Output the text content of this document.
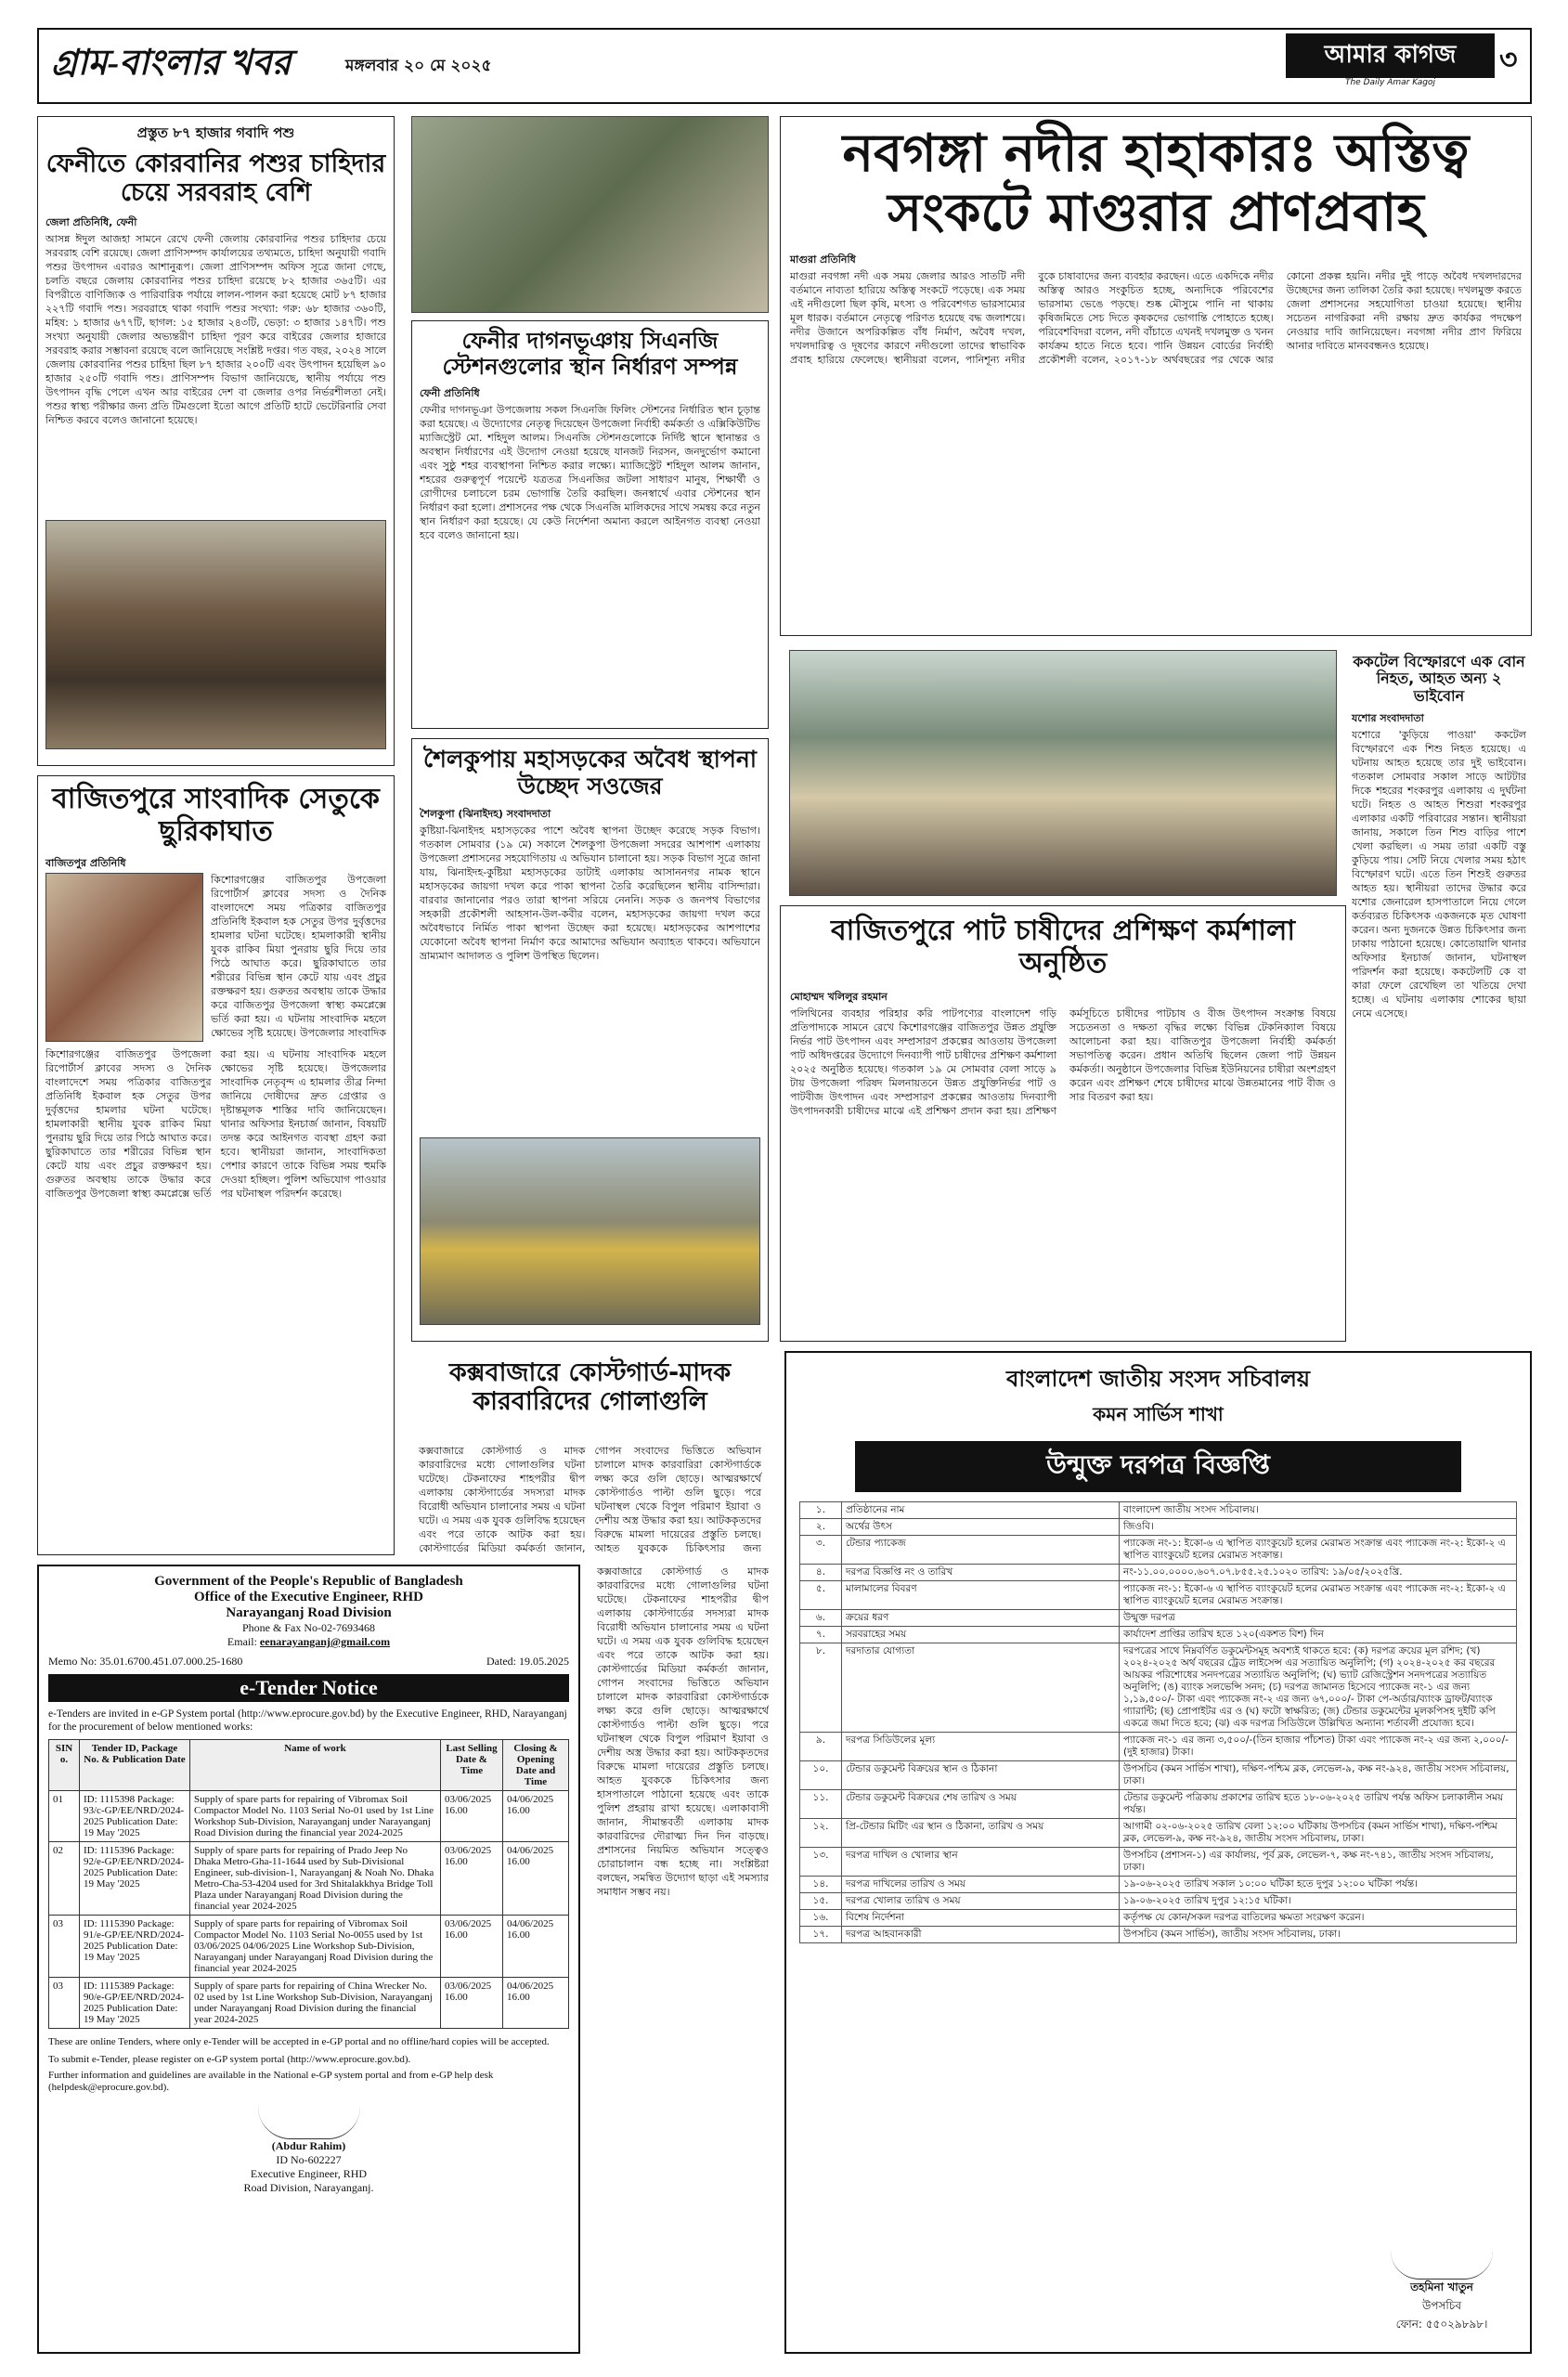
গ্রাম-বাংলার খবর	মঙ্গলবার ২০ মে ২০২৫	আমার কাগজ
The Daily Amar Kagoj
৩
প্রস্তুত ৮৭ হাজার গবাদি পশু
ফেনীতে কোরবানির পশুর চাহিদার চেয়ে সরবরাহ বেশি
জেলা প্রতিনিধি, ফেনী
আসন্ন ঈদুল আজহা সামনে রেখে ফেনী জেলায় কোরবানির পশুর চাহিদার চেয়ে সরবরাহ বেশি রয়েছে। জেলা প্রাণিসম্পদ কার্যালয়ের তথ্যমতে, চাহিদা অনুযায়ী গবাদি পশুর উৎপাদন এবারও আশানুরূপ। জেলা প্রাণিসম্পদ অফিস সূত্রে জানা গেছে, চলতি বছরে জেলায় কোরবানির পশুর চাহিদা রয়েছে ৮২ হাজার ৩৬৫টি। এর বিপরীতে বাণিজ্যিক ও পারিবারিক পর্যায়ে লালন-পালন করা হয়েছে মোট ৮৭ হাজার ২২৭টি গবাদি পশু। সরবরাহে থাকা গবাদি পশুর সংখ্যা: গরু: ৬৮ হাজার ৩৬০টি, মহিষ: ১ হাজার ৬৭৭টি, ছাগল: ১৫ হাজার ২৪৩টি, ভেড়া: ৩ হাজার ১৪৭টি। পশু সংখ্যা অনুযায়ী জেলার অভ্যন্তরীণ চাহিদা পূরণ করে বাইরের জেলার হাজারে সরবরাহ করার সম্ভাবনা রয়েছে বলে জানিয়েছে সংশ্লিষ্ট দপ্তর। গত বছর, ২০২৪ সালে জেলায় কোরবানির পশুর চাহিদা ছিল ৮৭ হাজার ২০০টি এবং উৎপাদন হয়েছিল ৯০ হাজার ২৫০টি গবাদি পশু। প্রাণিসম্পদ বিভাগ জানিয়েছে, স্থানীয় পর্যায়ে পশু উৎপাদন বৃদ্ধি পেলে এখন আর বাইরের দেশ বা জেলার ওপর নির্ভরশীলতা নেই। পশুর স্বাস্থ্য পরীক্ষার জন্য প্রতি টিমগুলো ইতো আগে প্রতিটি হাটে ভেটেরিনারি সেবা নিশ্চিত করবে বলেও জানানো হয়েছে।
বাজিতপুরে সাংবাদিক সেতুকে ছুরিকাঘাত
বাজিতপুর প্রতিনিধি
কিশোরগঞ্জের বাজিতপুর উপজেলা রিপোর্টার্স ক্লাবের সদস্য ও দৈনিক বাংলাদেশে সময় পত্রিকার বাজিতপুর প্রতিনিধি ইকবাল হক সেতুর উপর দুর্বৃত্তদের হামলার ঘটনা ঘটেছে। হামলাকারী স্থানীয় যুবক রাকিব মিয়া পুনরায় ছুরি দিয়ে তার পিঠে আঘাত করে। ছুরিকাঘাতে তার শরীরের বিভিন্ন স্থান কেটে যায় এবং প্রচুর রক্তক্ষরণ হয়। গুরুতর অবস্থায় তাকে উদ্ধার করে বাজিতপুর উপজেলা স্বাস্থ্য কমপ্লেক্সে ভর্তি করা হয়। এ ঘটনায় সাংবাদিক মহলে ক্ষোভের সৃষ্টি হয়েছে। উপজেলার সাংবাদিক
কিশোরগঞ্জের বাজিতপুর উপজেলা রিপোর্টার্স ক্লাবের সদস্য ও দৈনিক বাংলাদেশে সময় পত্রিকার বাজিতপুর প্রতিনিধি ইকবাল হক সেতুর উপর দুর্বৃত্তদের হামলার ঘটনা ঘটেছে। হামলাকারী স্থানীয় যুবক রাকিব মিয়া পুনরায় ছুরি দিয়ে তার পিঠে আঘাত করে। ছুরিকাঘাতে তার শরীরের বিভিন্ন স্থান কেটে যায় এবং প্রচুর রক্তক্ষরণ হয়। গুরুতর অবস্থায় তাকে উদ্ধার করে বাজিতপুর উপজেলা স্বাস্থ্য কমপ্লেক্সে ভর্তি করা হয়। এ ঘটনায় সাংবাদিক মহলে ক্ষোভের সৃষ্টি হয়েছে। উপজেলার সাংবাদিক নেতৃবৃন্দ এ হামলার তীব্র নিন্দা জানিয়ে দোষীদের দ্রুত গ্রেপ্তার ও দৃষ্টান্তমূলক শাস্তির দাবি জানিয়েছেন। থানার অফিসার ইনচার্জ জানান, বিষয়টি তদন্ত করে আইনগত ব্যবস্থা গ্রহণ করা হবে। স্থানীয়রা জানান, সাংবাদিকতা পেশার কারণে তাকে বিভিন্ন সময় হুমকি দেওয়া হচ্ছিল। পুলিশ অভিযোগ পাওয়ার পর ঘটনাস্থল পরিদর্শন করেছে।
ফেনীর দাগনভূঞায় সিএনজি স্টেশনগুলোর স্থান নির্ধারণ সম্পন্ন
ফেনী প্রতিনিধি
ফেনীর দাগনভূঞা উপজেলায় সকল সিএনজি ফিলিং স্টেশনের নির্ধারিত স্থান চূড়ান্ত করা হয়েছে। এ উদ্যোগের নেতৃত্ব দিয়েছেন উপজেলা নির্বাহী কর্মকর্তা ও এক্সিকিউটিভ ম্যাজিস্ট্রেট মো. শহিদুল আলম। সিএনজি স্টেশনগুলোকে নির্দিষ্ট স্থানে স্থানান্তর ও অবস্থান নির্ধারণের এই উদ্যোগ নেওয়া হয়েছে যানজট নিরসন, জনদুর্ভোগ কমানো এবং সুষ্ঠু শহর ব্যবস্থাপনা নিশ্চিত করার লক্ষ্যে। ম্যাজিস্ট্রেট শহিদুল আলম জানান, শহরের গুরুত্বপূর্ণ পয়েন্টে যত্রতত্র সিএনজির জটলা সাধারণ মানুষ, শিক্ষার্থী ও রোগীদের চলাচলে চরম ভোগান্তি তৈরি করছিল। জনস্বার্থে এবার স্টেশনের স্থান নির্ধারণ করা হলো। প্রশাসনের পক্ষ থেকে সিএনজি মালিকদের সাথে সমন্বয় করে নতুন স্থান নির্ধারণ করা হয়েছে। যে কেউ নির্দেশনা অমান্য করলে আইনগত ব্যবস্থা নেওয়া হবে বলেও জানানো হয়।
শৈলকুপায় মহাসড়কের অবৈধ স্থাপনা উচ্ছেদ সওজের
শৈলকুপা (ঝিনাইদহ) সংবাদদাতা
কুষ্টিয়া-ঝিনাইদহ মহাসড়কের পাশে অবৈধ স্থাপনা উচ্ছেদ করেছে সড়ক বিভাগ। গতকাল সোমবার (১৯ মে) সকালে শৈলকুপা উপজেলা সদরের আশপাশ এলাকায় উপজেলা প্রশাসনের সহযোগিতায় এ অভিযান চালানো হয়। সড়ক বিভাগ সূত্রে জানা যায়, ঝিনাইদহ-কুষ্টিয়া মহাসড়কের ডাটাই এলাকায় আসাননগর নামক স্থানে মহাসড়কের জায়গা দখল করে পাকা স্থাপনা তৈরি করেছিলেন স্থানীয় বাসিন্দারা। বারবার জানানোর পরও তারা স্থাপনা সরিয়ে নেননি। সড়ক ও জনপথ বিভাগের সহকারী প্রকৌশলী আহসান-উল-কবীর বলেন, মহাসড়কের জায়গা দখল করে অবৈধভাবে নির্মিত পাকা স্থাপনা উচ্ছেদ করা হয়েছে। মহাসড়কের আশপাশের যেকোনো অবৈধ স্থাপনা নির্মাণ করে আমাদের অভিযান অব্যাহত থাকবে। অভিযানে ভ্রাম্যমাণ আদালত ও পুলিশ উপস্থিত ছিলেন।
কক্সবাজারে কোস্টগার্ড-মাদক কারবারিদের গোলাগুলি
কক্সবাজারে কোস্টগার্ড ও মাদক কারবারিদের মধ্যে গোলাগুলির ঘটনা ঘটেছে। টেকনাফের শাহপরীর দ্বীপ এলাকায় কোস্টগার্ডের সদস্যরা মাদক বিরোধী অভিযান চালানোর সময় এ ঘটনা ঘটে। এ সময় এক যুবক গুলিবিদ্ধ হয়েছেন এবং পরে তাকে আটক করা হয়। কোস্টগার্ডের মিডিয়া কর্মকর্তা জানান, গোপন সংবাদের ভিত্তিতে অভিযান চালালে মাদক কারবারিরা কোস্টগার্ডকে লক্ষ্য করে গুলি ছোড়ে। আত্মরক্ষার্থে কোস্টগার্ডও পাল্টা গুলি ছুড়ে। পরে ঘটনাস্থল থেকে বিপুল পরিমাণ ইয়াবা ও দেশীয় অস্ত্র উদ্ধার করা হয়। আটককৃতদের বিরুদ্ধে মামলা দায়েরের প্রস্তুতি চলছে। আহত যুবককে চিকিৎসার জন্য
কক্সবাজারে কোস্টগার্ড ও মাদক কারবারিদের মধ্যে গোলাগুলির ঘটনা ঘটেছে। টেকনাফের শাহপরীর দ্বীপ এলাকায় কোস্টগার্ডের সদস্যরা মাদক বিরোধী অভিযান চালানোর সময় এ ঘটনা ঘটে। এ সময় এক যুবক গুলিবিদ্ধ হয়েছেন এবং পরে তাকে আটক করা হয়। কোস্টগার্ডের মিডিয়া কর্মকর্তা জানান, গোপন সংবাদের ভিত্তিতে অভিযান চালালে মাদক কারবারিরা কোস্টগার্ডকে লক্ষ্য করে গুলি ছোড়ে। আত্মরক্ষার্থে কোস্টগার্ডও পাল্টা গুলি ছুড়ে। পরে ঘটনাস্থল থেকে বিপুল পরিমাণ ইয়াবা ও দেশীয় অস্ত্র উদ্ধার করা হয়। আটককৃতদের বিরুদ্ধে মামলা দায়েরের প্রস্তুতি চলছে। আহত যুবককে চিকিৎসার জন্য হাসপাতালে পাঠানো হয়েছে এবং তাকে পুলিশ প্রহরায় রাখা হয়েছে। এলাকাবাসী জানান, সীমান্তবর্তী এলাকায় মাদক কারবারিদের দৌরাত্ম্য দিন দিন বাড়ছে। প্রশাসনের নিয়মিত অভিযান সত্ত্বেও চোরাচালান বন্ধ হচ্ছে না। সংশ্লিষ্টরা বলছেন, সমন্বিত উদ্যোগ ছাড়া এই সমস্যার সমাধান সম্ভব নয়।
নবগঙ্গা নদীর হাহাকারঃ অস্তিত্ব সংকটে মাগুরার প্রাণপ্রবাহ
মাগুরা প্রতিনিধি
মাগুরা নবগঙ্গা নদী এক সময় জেলার আরও সাতটি নদী বর্তমানে নাব্যতা হারিয়ে অস্তিত্ব সংকটে পড়েছে। এক সময় এই নদীগুলো ছিল কৃষি, মৎস্য ও পরিবেশগত ভারসাম্যের মূল ধারক। বর্তমানে নেতৃত্বে পরিণত হয়েছে বদ্ধ জলাশয়ে। নদীর উজানে অপরিকল্পিত বাঁধ নির্মাণ, অবৈধ দখল, দখলদারিত্ব ও দূষণের কারণে নদীগুলো তাদের স্বাভাবিক প্রবাহ হারিয়ে ফেলেছে। স্থানীয়রা বলেন, পানিশূন্য নদীর বুকে চাষাবাদের জন্য ব্যবহার করছেন। এতে একদিকে নদীর অস্তিত্ব আরও সংকুচিত হচ্ছে, অন্যদিকে পরিবেশের ভারসাম্য ভেঙে পড়ছে। শুষ্ক মৌসুমে পানি না থাকায় কৃষিজমিতে সেচ দিতে কৃষকদের ভোগান্তি পোহাতে হচ্ছে। পরিবেশবিদরা বলেন, নদী বাঁচাতে এখনই দখলমুক্ত ও খনন কার্যক্রম হাতে নিতে হবে। পানি উন্নয়ন বোর্ডের নির্বাহী প্রকৌশলী বলেন, ২০১৭-১৮ অর্থবছরের পর থেকে আর কোনো প্রকল্প হয়নি। নদীর দুই পাড়ে অবৈধ দখলদারদের উচ্ছেদের জন্য তালিকা তৈরি করা হয়েছে। দখলমুক্ত করতে জেলা প্রশাসনের সহযোগিতা চাওয়া হয়েছে। স্থানীয় সচেতন নাগরিকরা নদী রক্ষায় দ্রুত কার্যকর পদক্ষেপ নেওয়ার দাবি জানিয়েছেন। নবগঙ্গা নদীর প্রাণ ফিরিয়ে আনার দাবিতে মানববন্ধনও হয়েছে।
ককটেল বিস্ফোরণে এক বোন নিহত, আহত অন্য ২ ভাইবোন
যশোর সংবাদদাতা
যশোরে 'কুড়িয়ে পাওয়া' ককটেল বিস্ফোরণে এক শিশু নিহত হয়েছে। এ ঘটনায় আহত হয়েছে তার দুই ভাইবোন। গতকাল সোমবার সকাল সাড়ে আটটার দিকে শহরের শংকরপুর এলাকায় এ দুর্ঘটনা ঘটে। নিহত ও আহত শিশুরা শংকরপুর এলাকার একটি পরিবারের সন্তান। স্থানীয়রা জানায়, সকালে তিন শিশু বাড়ির পাশে খেলা করছিল। এ সময় তারা একটি বস্তু কুড়িয়ে পায়। সেটি নিয়ে খেলার সময় হঠাৎ বিস্ফোরণ ঘটে। এতে তিন শিশুই গুরুতর আহত হয়। স্থানীয়রা তাদের উদ্ধার করে যশোর জেনারেল হাসপাতালে নিয়ে গেলে কর্তব্যরত চিকিৎসক একজনকে মৃত ঘোষণা করেন। অন্য দুজনকে উন্নত চিকিৎসার জন্য ঢাকায় পাঠানো হয়েছে। কোতোয়ালি থানার অফিসার ইনচার্জ জানান, ঘটনাস্থল পরিদর্শন করা হয়েছে। ককটেলটি কে বা কারা ফেলে রেখেছিল তা খতিয়ে দেখা হচ্ছে। এ ঘটনায় এলাকায় শোকের ছায়া নেমে এসেছে।
বাজিতপুরে পাট চাষীদের প্রশিক্ষণ কর্মশালা অনুষ্ঠিত
মোহাম্মদ খলিলুর রহমান
পলিথিনের ব্যবহার পরিহার করি পাটপণ্যের বাংলাদেশ গড়ি প্রতিপাদ্যকে সামনে রেখে কিশোরগঞ্জের বাজিতপুর উন্নত প্রযুক্তি নির্ভর পাট উৎপাদন এবং সম্প্রসারণ প্রকল্পের আওতায় উপজেলা পাট অধিদপ্তরের উদ্যোগে দিনব্যাপী পাট চাষীদের প্রশিক্ষণ কর্মশালা ২০২৫ অনুষ্ঠিত হয়েছে। গতকাল ১৯ মে সোমবার বেলা সাড়ে ৯ টায় উপজেলা পরিষদ মিলনায়তনে উন্নত প্রযুক্তিনির্ভর পাট ও পাটবীজ উৎপাদন এবং সম্প্রসারণ প্রকল্পের আওতায় দিনব্যাপী উৎপাদনকারী চাষীদের মাঝে এই প্রশিক্ষণ প্রদান করা হয়। প্রশিক্ষণ কর্মসূচিতে চাষীদের পাটচাষ ও বীজ উৎপাদন সংক্রান্ত বিষয়ে সচেতনতা ও দক্ষতা বৃদ্ধির লক্ষ্যে বিভিন্ন টেকনিক্যাল বিষয়ে আলোচনা করা হয়। বাজিতপুর উপজেলা নির্বাহী কর্মকর্তা সভাপতিত্ব করেন। প্রধান অতিথি ছিলেন জেলা পাট উন্নয়ন কর্মকর্তা। অনুষ্ঠানে উপজেলার বিভিন্ন ইউনিয়নের চাষীরা অংশগ্রহণ করেন এবং প্রশিক্ষণ শেষে চাষীদের মাঝে উন্নতমানের পাট বীজ ও সার বিতরণ করা হয়।
Government of the People's Republic of Bangladesh
Office of the Executive Engineer, RHD
Narayanganj Road Division
Phone & Fax No-02-7693468
Email: eenarayanganj@gmail.com
Memo No: 35.01.6700.451.07.000.25-1680	Dated: 19.05.2025
e-Tender Notice
e-Tenders are invited in e-GP System portal (http://www.eprocure.gov.bd) by the Executive Engineer, RHD, Narayanganj for the procurement of below mentioned works:
SIN o.	Tender ID, Package No. & Publication Date	Name of work	Last Selling Date & Time	Closing & Opening Date and Time
01	ID: 1115398 Package: 93/c-GP/EE/NRD/2024-2025 Publication Date: 19 May '2025	Supply of spare parts for repairing of Vibromax Soil Compactor Model No. 1103 Serial No-01 used by 1st Line Workshop Sub-Division, Narayanganj under Narayanganj Road Division during the financial year 2024-2025	03/06/2025 16.00	04/06/2025 16.00
02	ID: 1115396 Package: 92/e-GP/EE/NRD/2024-2025 Publication Date: 19 May '2025	Supply of spare parts for repairing of Prado Jeep No Dhaka Metro-Gha-11-1644 used by Sub-Divisional Engineer, sub-division-1, Narayanganj & Noah No. Dhaka Metro-Cha-53-4204 used for 3rd Shitalakkhya Bridge Toll Plaza under Narayanganj Road Division during the financial year 2024-2025	03/06/2025 16.00	04/06/2025 16.00
03	ID: 1115390 Package: 91/e-GP/EE/NRD/2024-2025 Publication Date: 19 May '2025	Supply of spare parts for repairing of Vibromax Soil Compactor Model No. 1103 Serial No-0055 used by 1st 03/06/2025 04/06/2025 Line Workshop Sub-Division, Narayanganj under Narayanganj Road Division during the financial year 2024-2025	03/06/2025 16.00	04/06/2025 16.00
03	ID: 1115389 Package: 90/e-GP/EE/NRD/2024-2025 Publication Date: 19 May '2025	Supply of spare parts for repairing of China Wrecker No. 02 used by 1st Line Workshop Sub-Division, Narayanganj under Narayanganj Road Division during the financial year 2024-2025	03/06/2025 16.00	04/06/2025 16.00
These are online Tenders, where only e-Tender will be accepted in e-GP portal and no offline/hard copies will be accepted.
To submit e-Tender, please register on e-GP system portal (http://www.eprocure.gov.bd).
Further information and guidelines are available in the National e-GP system portal and from e-GP help desk (helpdesk@eprocure.gov.bd).
(Abdur Rahim)
ID No-602227
Executive Engineer, RHD
Road Division, Narayanganj.
বাংলাদেশ জাতীয় সংসদ সচিবালয়
কমন সার্ভিস শাখা
উন্মুক্ত দরপত্র বিজ্ঞপ্তি
১.	প্রতিষ্ঠানের নাম	বাংলাদেশ জাতীয় সংসদ সচিবালয়।
২.	অর্থের উৎস	জিওবি।
৩.	টেন্ডার প্যাকেজ	প্যাকেজ নং-১: ইকো-৬ এ স্থাপিত ব্যাংকুয়েট হলের মেরামত সংক্রান্ত এবং প্যাকেজ নং-২: ইকো-২ এ স্থাপিত ব্যাংকুয়েট হলের মেরামত সংক্রান্ত।
৪.	দরপত্র বিজ্ঞপ্তি নং ও তারিখ	নং-১১.০০.০০০০.৬০৭.০৭.৮৫৫.২৫.১০২০ তারিখ: ১৯/০৫/২০২৫খ্রি.
৫.	মালামালের বিবরণ	প্যাকেজ নং-১: ইকো-৬ এ স্থাপিত ব্যাংকুয়েট হলের মেরামত সংক্রান্ত এবং প্যাকেজ নং-২: ইকো-২ এ স্থাপিত ব্যাংকুয়েট হলের মেরামত সংক্রান্ত।
৬.	ক্রয়ের ধরণ	উন্মুক্ত দরপত্র
৭.	সরবরাহের সময়	কার্যাদেশ প্রাপ্তির তারিখ হতে ১২০(একশত বিশ) দিন
৮.	দরদাতার যোগ্যতা	দরপত্রের সাথে নিম্নবর্ণিত ডকুমেন্টসমূহ অবশ্যই থাকতে হবে: (ক) দরপত্র ক্রয়ের মূল রশিদ; (খ) ২০২৪-২০২৫ অর্থ বছরের ট্রেড লাইসেন্স এর সত্যায়িত অনুলিপি; (গ) ২০২৪-২০২৫ কর বছরের আয়কর পরিশোধের সনদপত্রের সত্যায়িত অনুলিপি; (ঘ) ভ্যাট রেজিস্ট্রেশন সনদপত্রের সত্যায়িত অনুলিপি; (ঙ) ব্যাংক সলভেন্সি সনদ; (চ) দরপত্র জামানত হিসেবে প্যাকেজ নং-১ এর জন্য ১,১৯,৫০০/- টাকা এবং প্যাকেজ নং-২ এর জন্য ৬৭,০০০/- টাকা পে-অর্ডার/ব্যাংক ড্রাফট/ব্যাংক গ্যারান্টি; (ছ) প্রোপাইটর এর ও (ঘ) ফটো স্বাক্ষরিত; (জ) টেন্ডার ডকুমেন্টের মূলকপিসহ দুইটি কপি একত্রে জমা দিতে হবে; (ঝ) এক দরপত্র সিডিউলে উল্লিখিত অন্যান্য শর্তাবলী প্রযোজ্য হবে।
৯.	দরপত্র সিডিউলের মূল্য	প্যাকেজ নং-১ এর জন্য ৩,৫০০/-(তিন হাজার পাঁচশত) টাকা এবং প্যাকেজ নং-২ এর জন্য ২,০০০/-(দুই হাজার) টাকা।
১০.	টেন্ডার ডকুমেন্ট বিক্রয়ের স্থান ও ঠিকানা	উপসচিব (কমন সার্ভিস শাখা), দক্ষিণ-পশ্চিম ব্লক, লেভেল-৯, কক্ষ নং-৯২৪, জাতীয় সংসদ সচিবালয়, ঢাকা।
১১.	টেন্ডার ডকুমেন্ট বিক্রয়ের শেষ তারিখ ও সময়	টেন্ডার ডকুমেন্ট পত্রিকায় প্রকাশের তারিখ হতে ১৮-০৬-২০২৫ তারিখ পর্যন্ত অফিস চলাকালীন সময় পর্যন্ত।
১২.	প্রি-টেন্ডার মিটিং এর স্থান ও ঠিকানা, তারিখ ও সময়	আগামী ০২-০৬-২০২৫ তারিখ বেলা ১২:০০ ঘটিকায় উপসচিব (কমন সার্ভিস শাখা), দক্ষিণ-পশ্চিম ব্লক, লেভেল-৯, কক্ষ নং-৯২৪, জাতীয় সংসদ সচিবালয়, ঢাকা।
১৩.	দরপত্র দাখিল ও খোলার স্থান	উপসচিব (প্রশাসন-১) এর কার্যালয়, পূর্ব ব্লক, লেভেল-৭, কক্ষ নং-৭৪১, জাতীয় সংসদ সচিবালয়, ঢাকা।
১৪.	দরপত্র দাখিলের তারিখ ও সময়	১৯-০৬-২০২৫ তারিখ সকাল ১০:০০ ঘটিকা হতে দুপুর ১২:০০ ঘটিকা পর্যন্ত।
১৫.	দরপত্র খোলার তারিখ ও সময়	১৯-০৬-২০২৫ তারিখ দুপুর ১২:১৫ ঘটিকা।
১৬.	বিশেষ নির্দেশনা	কর্তৃপক্ষ যে কোন/সকল দরপত্র বাতিলের ক্ষমতা সংরক্ষণ করেন।
১৭.	দরপত্র আহবানকারী	উপসচিব (কমন সার্ভিস), জাতীয় সংসদ সচিবালয়, ঢাকা।
তহমিনা খাতুন
উপসচিব
ফোন: ৫৫০২৯৮৯৮।
